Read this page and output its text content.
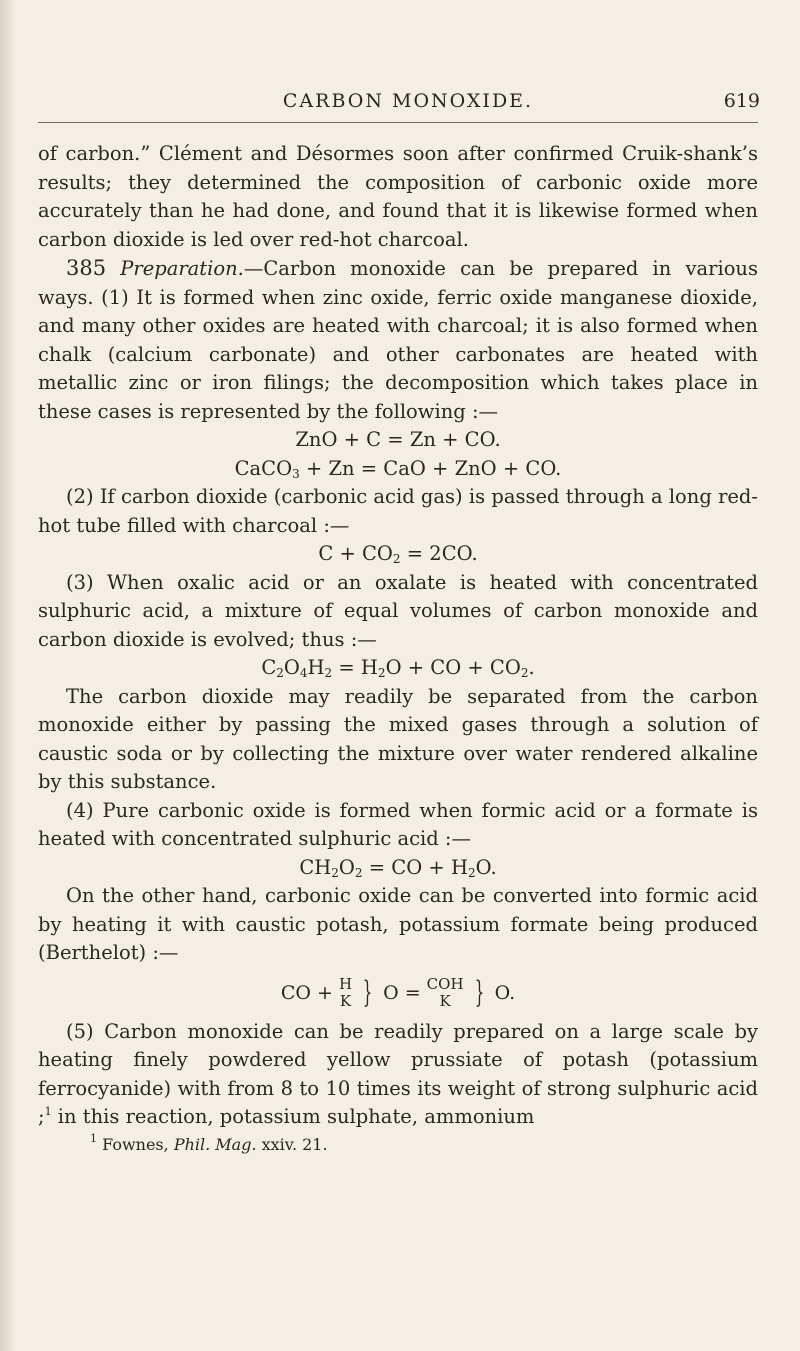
CARBON MONOXIDE.	619

of carbon.” Clément and Désormes soon after confirmed Cruik-shank’s results; they determined the composition of carbonic oxide more accurately than he had done, and found that it is likewise formed when carbon dioxide is led over red-hot charcoal.

385 Preparation.—Carbon monoxide can be prepared in various ways. (1) It is formed when zinc oxide, ferric oxide manganese dioxide, and many other oxides are heated with charcoal; it is also formed when chalk (calcium carbonate) and other carbonates are heated with metallic zinc or iron filings; the decomposition which takes place in these cases is represented by the following :—

ZnO + C = Zn + CO.
CaCO$_3$ + Zn = CaO + ZnO + CO.

(2) If carbon dioxide (carbonic acid gas) is passed through a long red-hot tube filled with charcoal :—

$C + CO_2 = 2CO$.

(3) When oxalic acid or an oxalate is heated with concentrated sulphuric acid, a mixture of equal volumes of carbon monoxide and carbon dioxide is evolved; thus :—

$C_2O_4H_2 = H_2O$ + CO + $CO_2$.

The carbon dioxide may readily be separated from the carbon monoxide either by passing the mixed gases through a solution of caustic soda or by collecting the mixture over water rendered alkaline by this substance.

(4) Pure carbonic oxide is formed when formic acid or a formate is heated with concentrated sulphuric acid :—

$CH_2O_2$ = CO + $H_2O$.

On the other hand, carbonic oxide can be converted into formic acid by heating it with caustic potash, potassium formate being produced (Berthelot) :—

CO + H
K } O = COH
K } O.

(5) Carbon monoxide can be readily prepared on a large scale by heating finely powdered yellow prussiate of potash (potassium ferrocyanide) with from 8 to 10 times its weight of strong sulphuric acid ;$^1$ in this reaction, potassium sulphate, ammonium

$^1$ Fownes, Phil. Mag. xxiv. 21.
